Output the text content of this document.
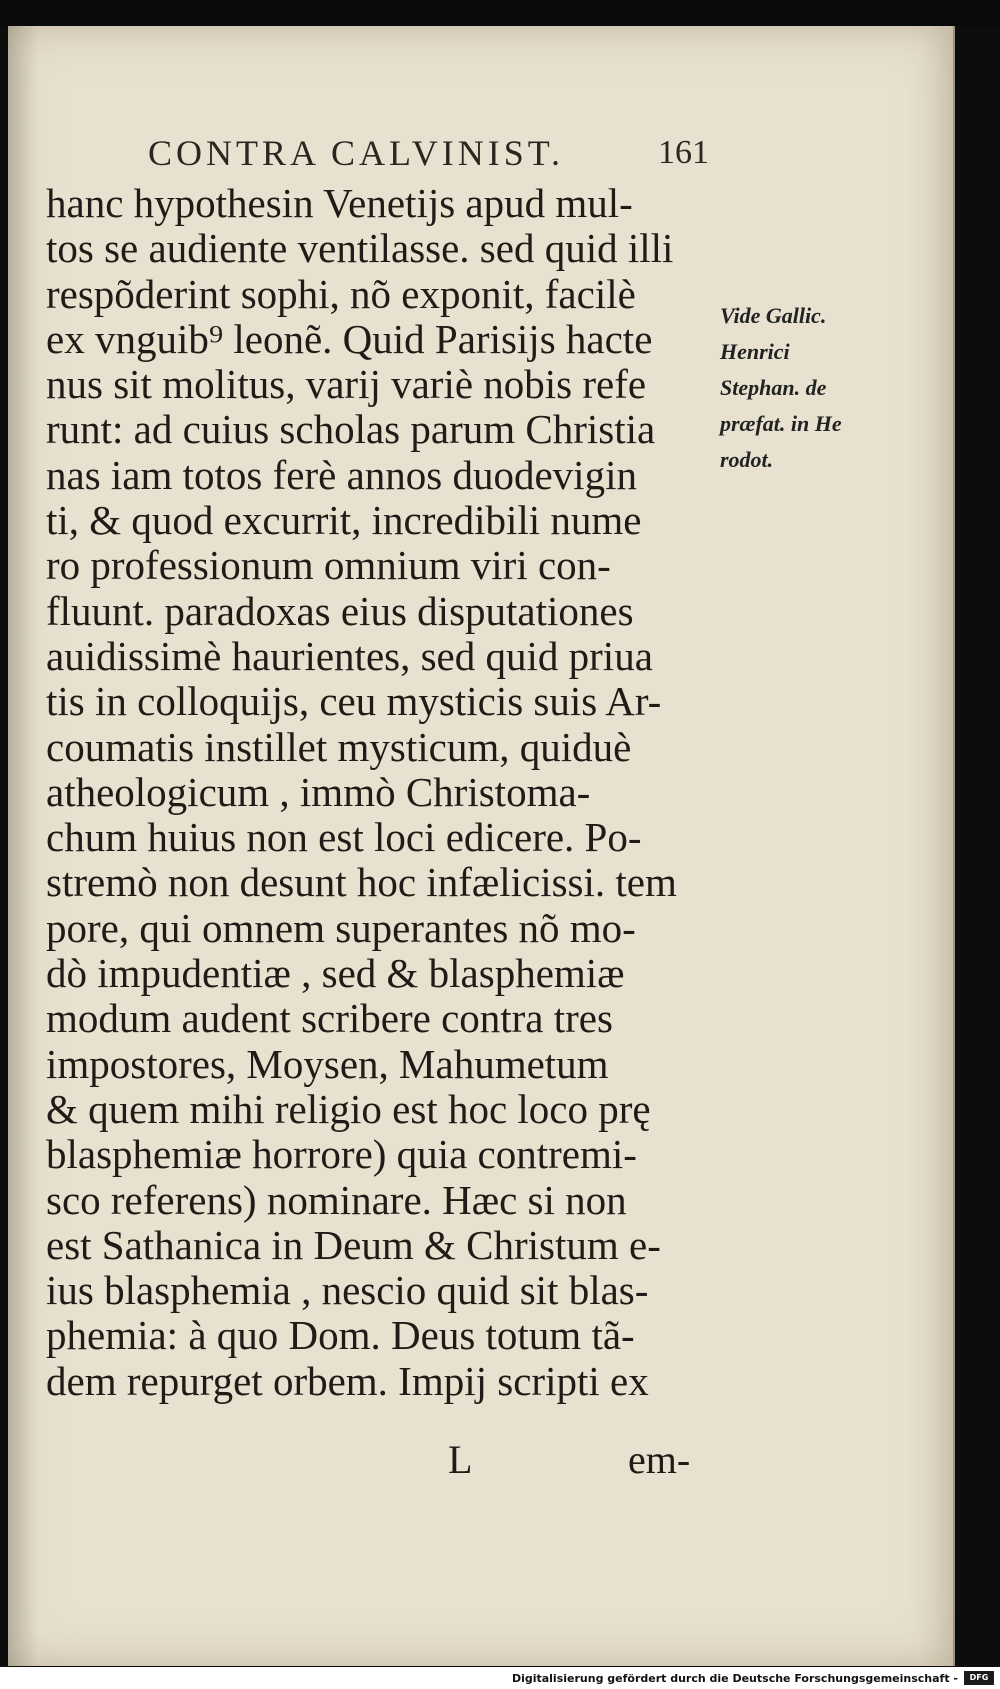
CONTRA CALVINIST.	161
hanc hypothesin Venetijs apud mul-
tos se audiente ventilasse. sed quid illi
respõderint sophi, nõ exponit, facilè
ex vnguib⁹ leonẽ. Quid Parisijs hacte
nus sit molitus, varij variè nobis refe
runt: ad cuius scholas parum Christia
nas iam totos ferè annos duodevigin
ti, & quod excurrit, incredibili nume
ro professionum omnium viri con-
fluunt. paradoxas eius disputationes
auidissimè haurientes, sed quid priua
tis in colloquijs, ceu mysticis suis Ar-
coumatis instillet mysticum, quiduè
atheologicum , immò Christoma-
chum huius non est loci edicere. Po-
stremò non desunt hoc infælicissi. tem
pore, qui omnem superantes nõ mo-
dò impudentiæ , sed & blasphemiæ
modum audent scribere contra tres
impostores, Moysen, Mahumetum
& quem mihi religio est hoc loco prę
blasphemiæ horrore) quia contremi-
sco referens) nominare. Hæc si non
est Sathanica in Deum & Christum e-
ius blasphemia , nescio quid sit blas-
phemia: à quo Dom. Deus totum tã-
dem repurget orbem. Impij scripti ex
Vide Gallic.
Henrici
Stephan. de
præfat. in He
rodot.
L	em-
Digitalisierung gefördert durch die Deutsche Forschungsgemeinschaft -	DFG
